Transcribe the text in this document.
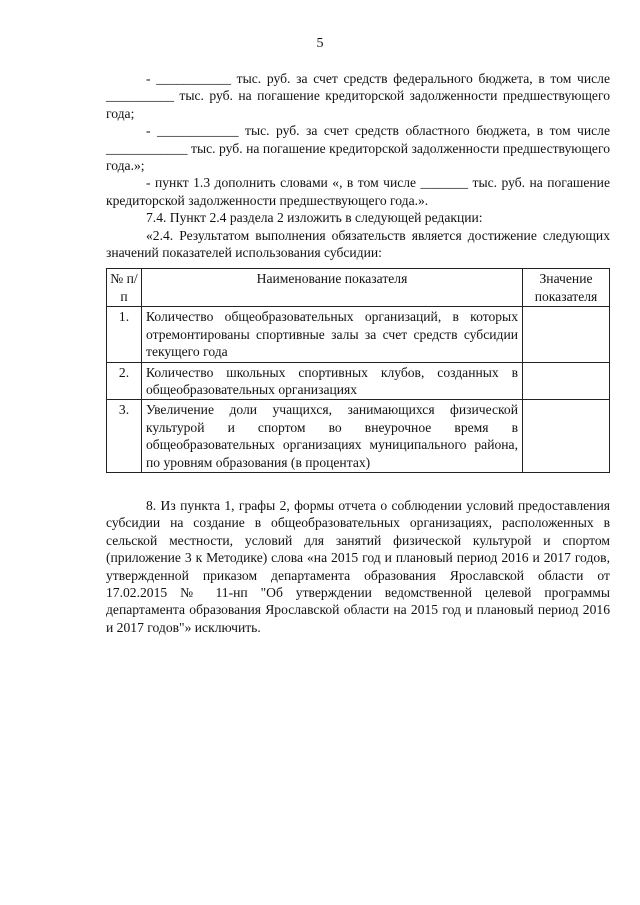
5

- ___________ тыс. руб. за счет средств федерального бюджета, в том числе __________ тыс. руб. на погашение кредиторской задолженности предшествующего года;

- ____________ тыс. руб. за счет средств областного бюджета, в том числе ____________ тыс. руб. на погашение кредиторской задолженности предшествующего года.»;

- пункт 1.3 дополнить словами «, в том числе _______ тыс. руб. на погашение кредиторской задолженности предшествующего года.».

7.4. Пункт 2.4 раздела 2 изложить в следующей редакции:

«2.4. Результатом выполнения обязательств является достижение следующих значений показателей использования субсидии:

№ п/п	Наименование показателя	Значение показателя
1.	Количество общеобразовательных организаций, в которых отремонтированы спортивные залы за счет средств субсидии текущего года	
2.	Количество школьных спортивных клубов, созданных в общеобразовательных организациях	
3.	Увеличение доли учащихся, занимающихся физической культурой и спортом во внеурочное время в общеобразовательных организациях муниципального района, по уровням образования (в процентах)	

8. Из пункта 1, графы 2, формы отчета о соблюдении условий предоставления субсидии на создание в общеобразовательных организациях, расположенных в сельской местности, условий для занятий физической культурой и спортом (приложение 3 к Методике) слова «на 2015 год и плановый период 2016 и 2017 годов, утвержденной приказом департамента образования Ярославской области от 17.02.2015 № 11-нп "Об утверждении ведомственной целевой программы департамента образования Ярославской области на 2015 год и плановый период 2016 и 2017 годов"» исключить.
